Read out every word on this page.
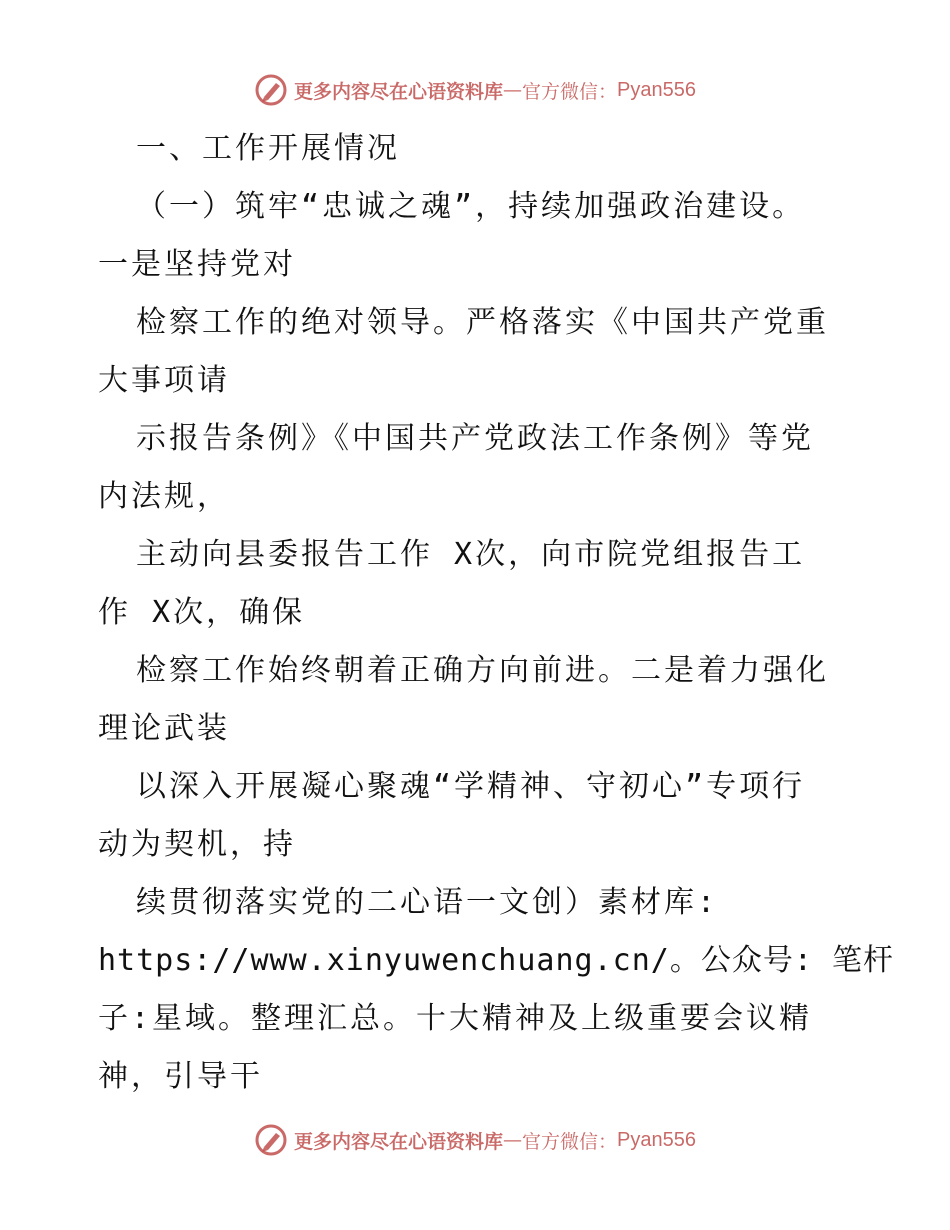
更多内容尽在心语资料库 — 官方微信： Pyan556
一、工作开展情况
（一）筑牢“忠诚之魂”，持续加强政治建设。
一是坚持党对
检察工作的绝对领导。严格落实《中国共产党重
大事项请
示报告条例》《中国共产党政法工作条例》等党
内法规，
主动向县委报告工作 X次，向市院党组报告工
作 X次，确保
检察工作始终朝着正确方向前进。二是着力强化
理论武装
以深入开展凝心聚魂“学精神、守初心”专项行
动为契机，持
续贯彻落实党的二心语一文创）素材库:
https://www.xinyuwenchuang.cn/。公众号: 笔杆
子:星域。整理汇总。十大精神及上级重要会议精
神，引导干
更多内容尽在心语资料库 — 官方微信： Pyan556
